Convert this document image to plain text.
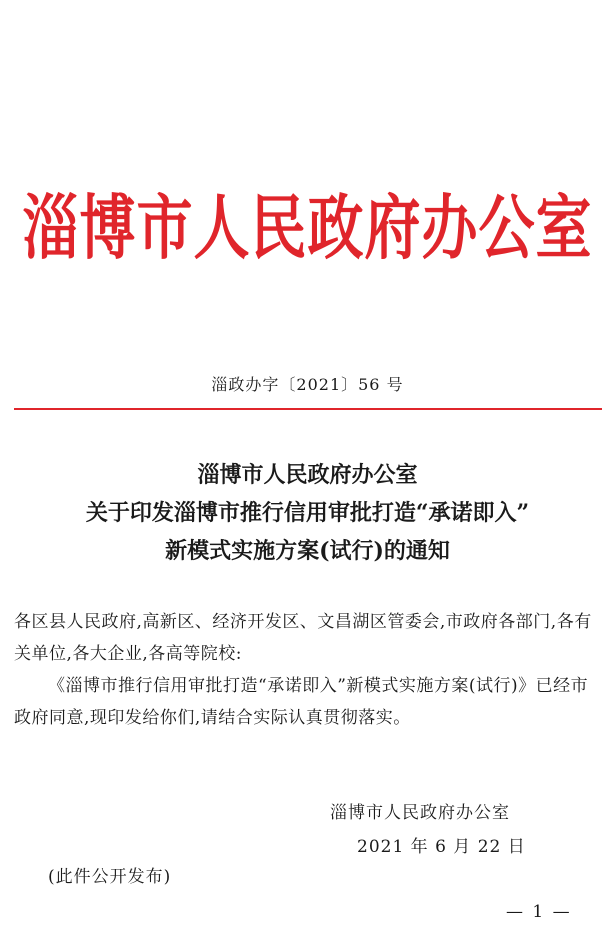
淄博市人民政府办公室
淄政办字〔2021〕56 号
淄博市人民政府办公室
关于印发淄博市推行信用审批打造“承诺即入”
新模式实施方案(试行)的通知

各区县人民政府,高新区、经济开发区、文昌湖区管委会,市政府各部门,各有关单位,各大企业,各高等院校:

《淄博市推行信用审批打造“承诺即入”新模式实施方案(试行)》已经市政府同意,现印发给你们,请结合实际认真贯彻落实。

淄博市人民政府办公室
2021 年 6 月 22 日
(此件公开发布)
— 1 —
